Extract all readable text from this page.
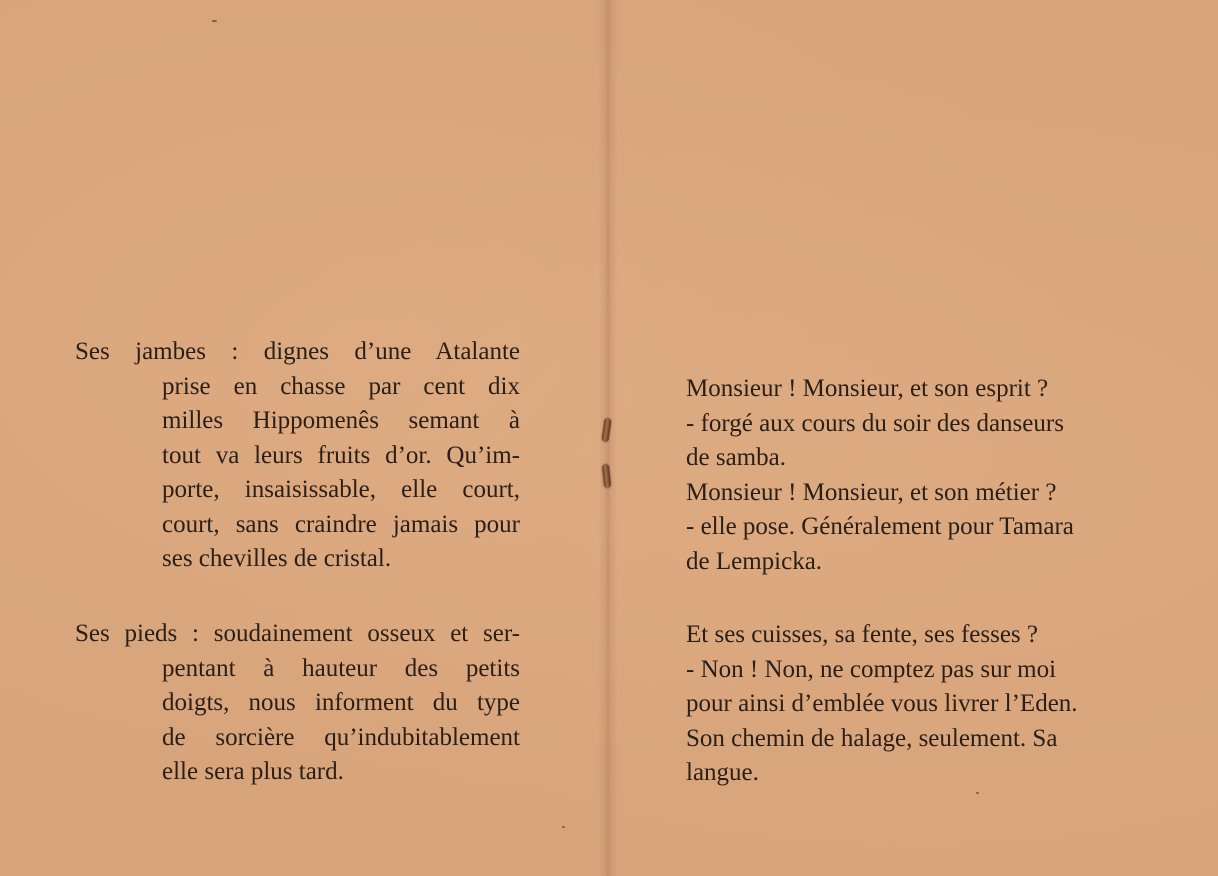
Ses jambes : dignes d’une Atalante
prise en chasse par cent dix
milles Hippomenês semant à
tout va leurs fruits d’or. Qu’im-
porte, insaisissable, elle court,
court, sans craindre jamais pour
ses chevilles de cristal.
Ses pieds : soudainement osseux et ser-
pentant à hauteur des petits
doigts, nous informent du type
de sorcière qu’indubitablement
elle sera plus tard.
Monsieur ! Monsieur, et son esprit ?
- forgé aux cours du soir des danseurs
de samba.
Monsieur ! Monsieur, et son métier ?
- elle pose. Généralement pour Tamara
de Lempicka.
Et ses cuisses, sa fente, ses fesses ?
- Non ! Non, ne comptez pas sur moi
pour ainsi d’emblée vous livrer l’Eden.
Son chemin de halage, seulement. Sa
langue.
